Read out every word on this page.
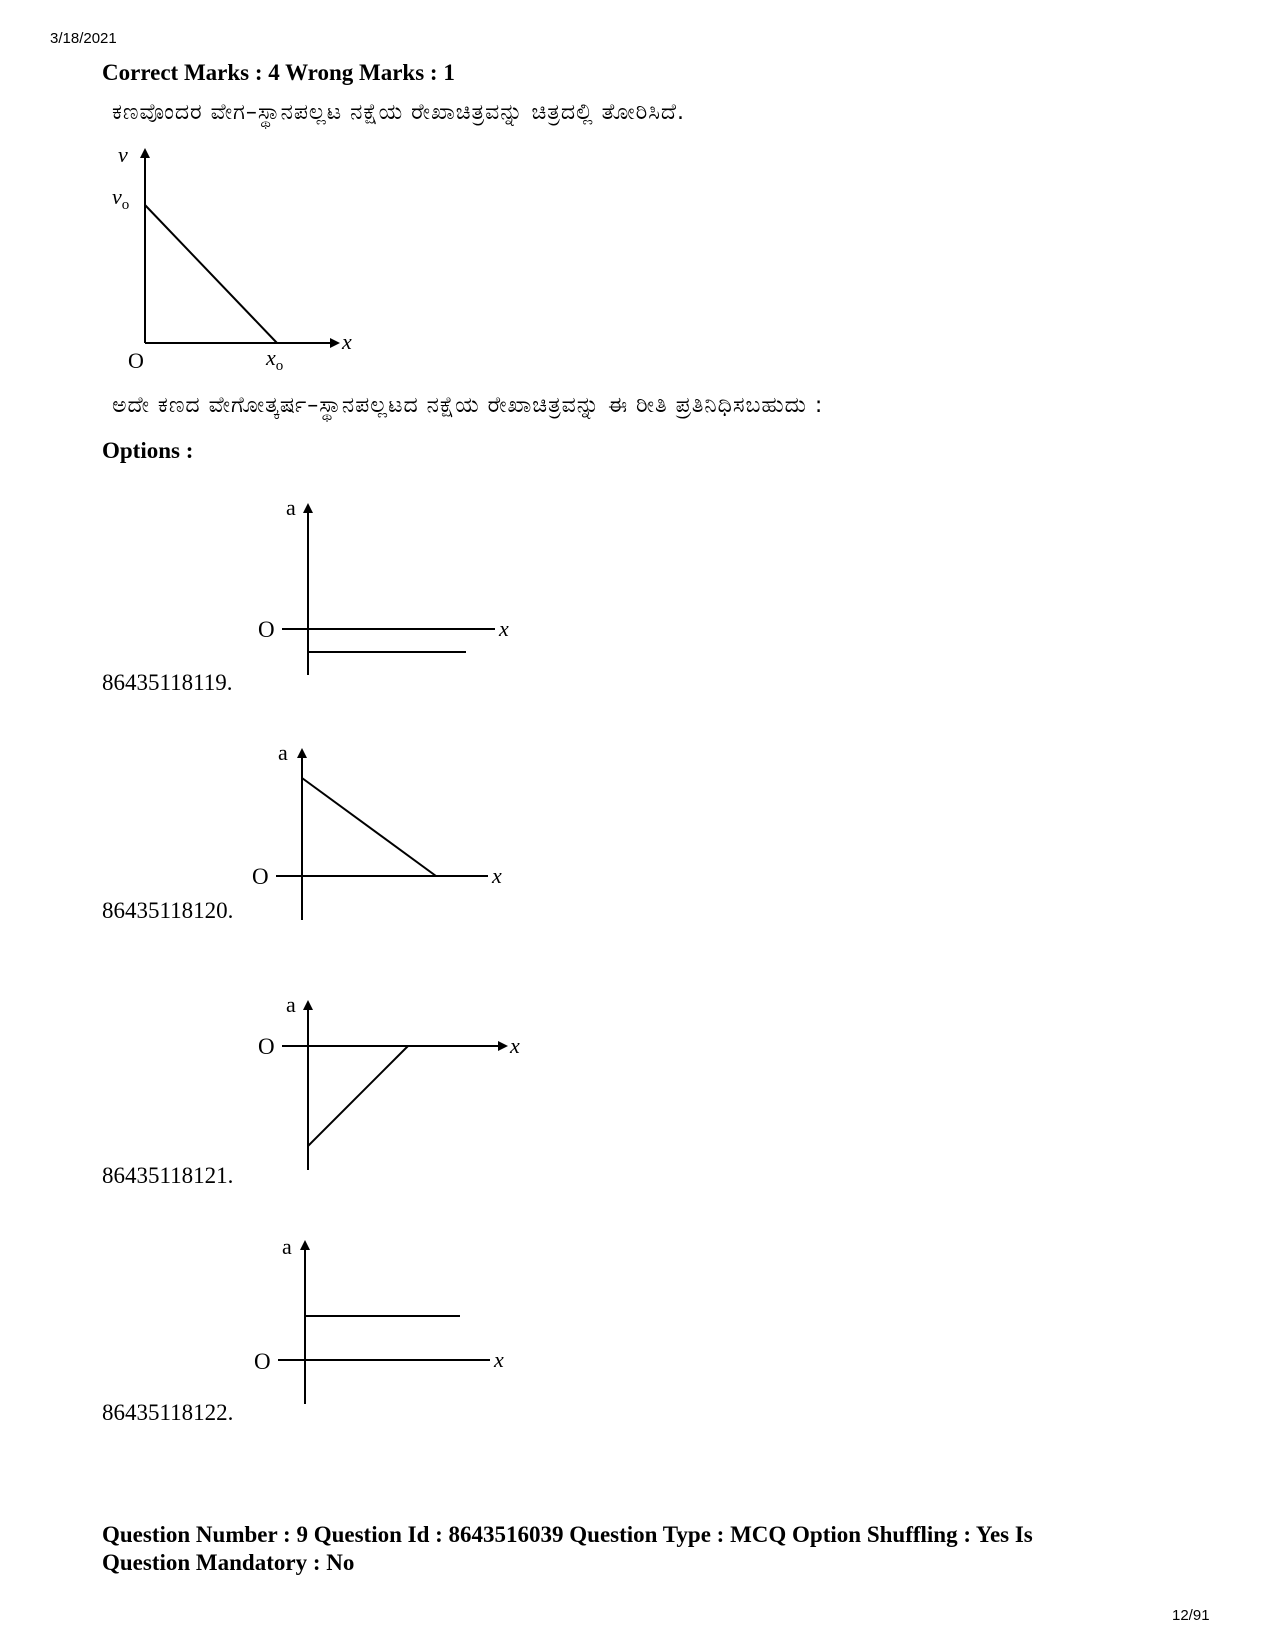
3/18/2021
Correct Marks : 4 Wrong Marks : 1
ಕಣವೊಂದರ ವೇಗ–ಸ್ಥಾನಪಲ್ಲಟ ನಕ್ಷೆಯ ರೇಖಾಚಿತ್ರವನ್ನು ಚಿತ್ರದಲ್ಲಿ ತೋರಿಸಿದೆ.
v
x
O
$v_o$
$x_o$
ಅದೇ ಕಣದ ವೇಗೋತ್ಕರ್ಷ–ಸ್ಥಾನಪಲ್ಲಟದ ನಕ್ಷೆಯ ರೇಖಾಚಿತ್ರವನ್ನು ಈ ರೀತಿ ಪ್ರತಿನಿಧಿಸಬಹುದು :
Options :
a
x
O
86435118119.
a
x
O
86435118120.
a
x
O
86435118121.
a
x
O
86435118122.
Question Number : 9 Question Id : 8643516039 Question Type : MCQ Option Shuffling : Yes Is
Question Mandatory : No
12/91
